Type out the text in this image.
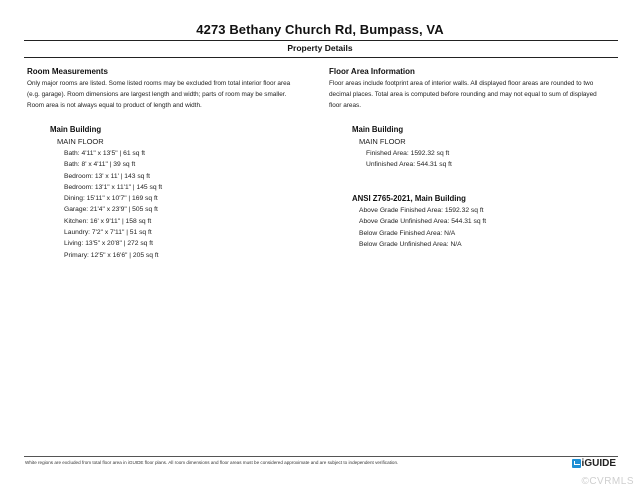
4273 Bethany Church Rd, Bumpass, VA
Property Details
Room Measurements
Only major rooms are listed. Some listed rooms may be excluded from total interior floor area
(e.g. garage). Room dimensions are largest length and width; parts of room may be smaller.
Room area is not always equal to product of length and width.
Main Building
MAIN FLOOR
Bath: 4'11" x 13'5" | 61 sq ft
Bath: 8' x 4'11" | 39 sq ft
Bedroom: 13' x 11' | 143 sq ft
Bedroom: 13'1" x 11'1" | 145 sq ft
Dining: 15'11" x 10'7" | 169 sq ft
Garage: 21'4" x 23'9" | 505 sq ft
Kitchen: 16' x 9'11" | 158 sq ft
Laundry: 7'2" x 7'11" | 51 sq ft
Living: 13'5" x 20'8" | 272 sq ft
Primary: 12'5" x 16'6" | 205 sq ft
Floor Area Information
Floor areas include footprint area of interior walls. All displayed floor areas are rounded to two
decimal places. Total area is computed before rounding and may not equal to sum of displayed
floor areas.
Main Building
MAIN FLOOR
Finished Area: 1592.32 sq ft
Unfinished Area: 544.31 sq ft
ANSI Z765-2021, Main Building
Above Grade Finished Area: 1592.32 sq ft
Above Grade Unfinished Area: 544.31 sq ft
Below Grade Finished Area: N/A
Below Grade Unfinished Area: N/A
White regions are excluded from total floor area in iGUIDE floor plans. All room dimensions and floor areas must be considered approximate and are subject to independent verification.	iGUIDE
©CVRMLS
